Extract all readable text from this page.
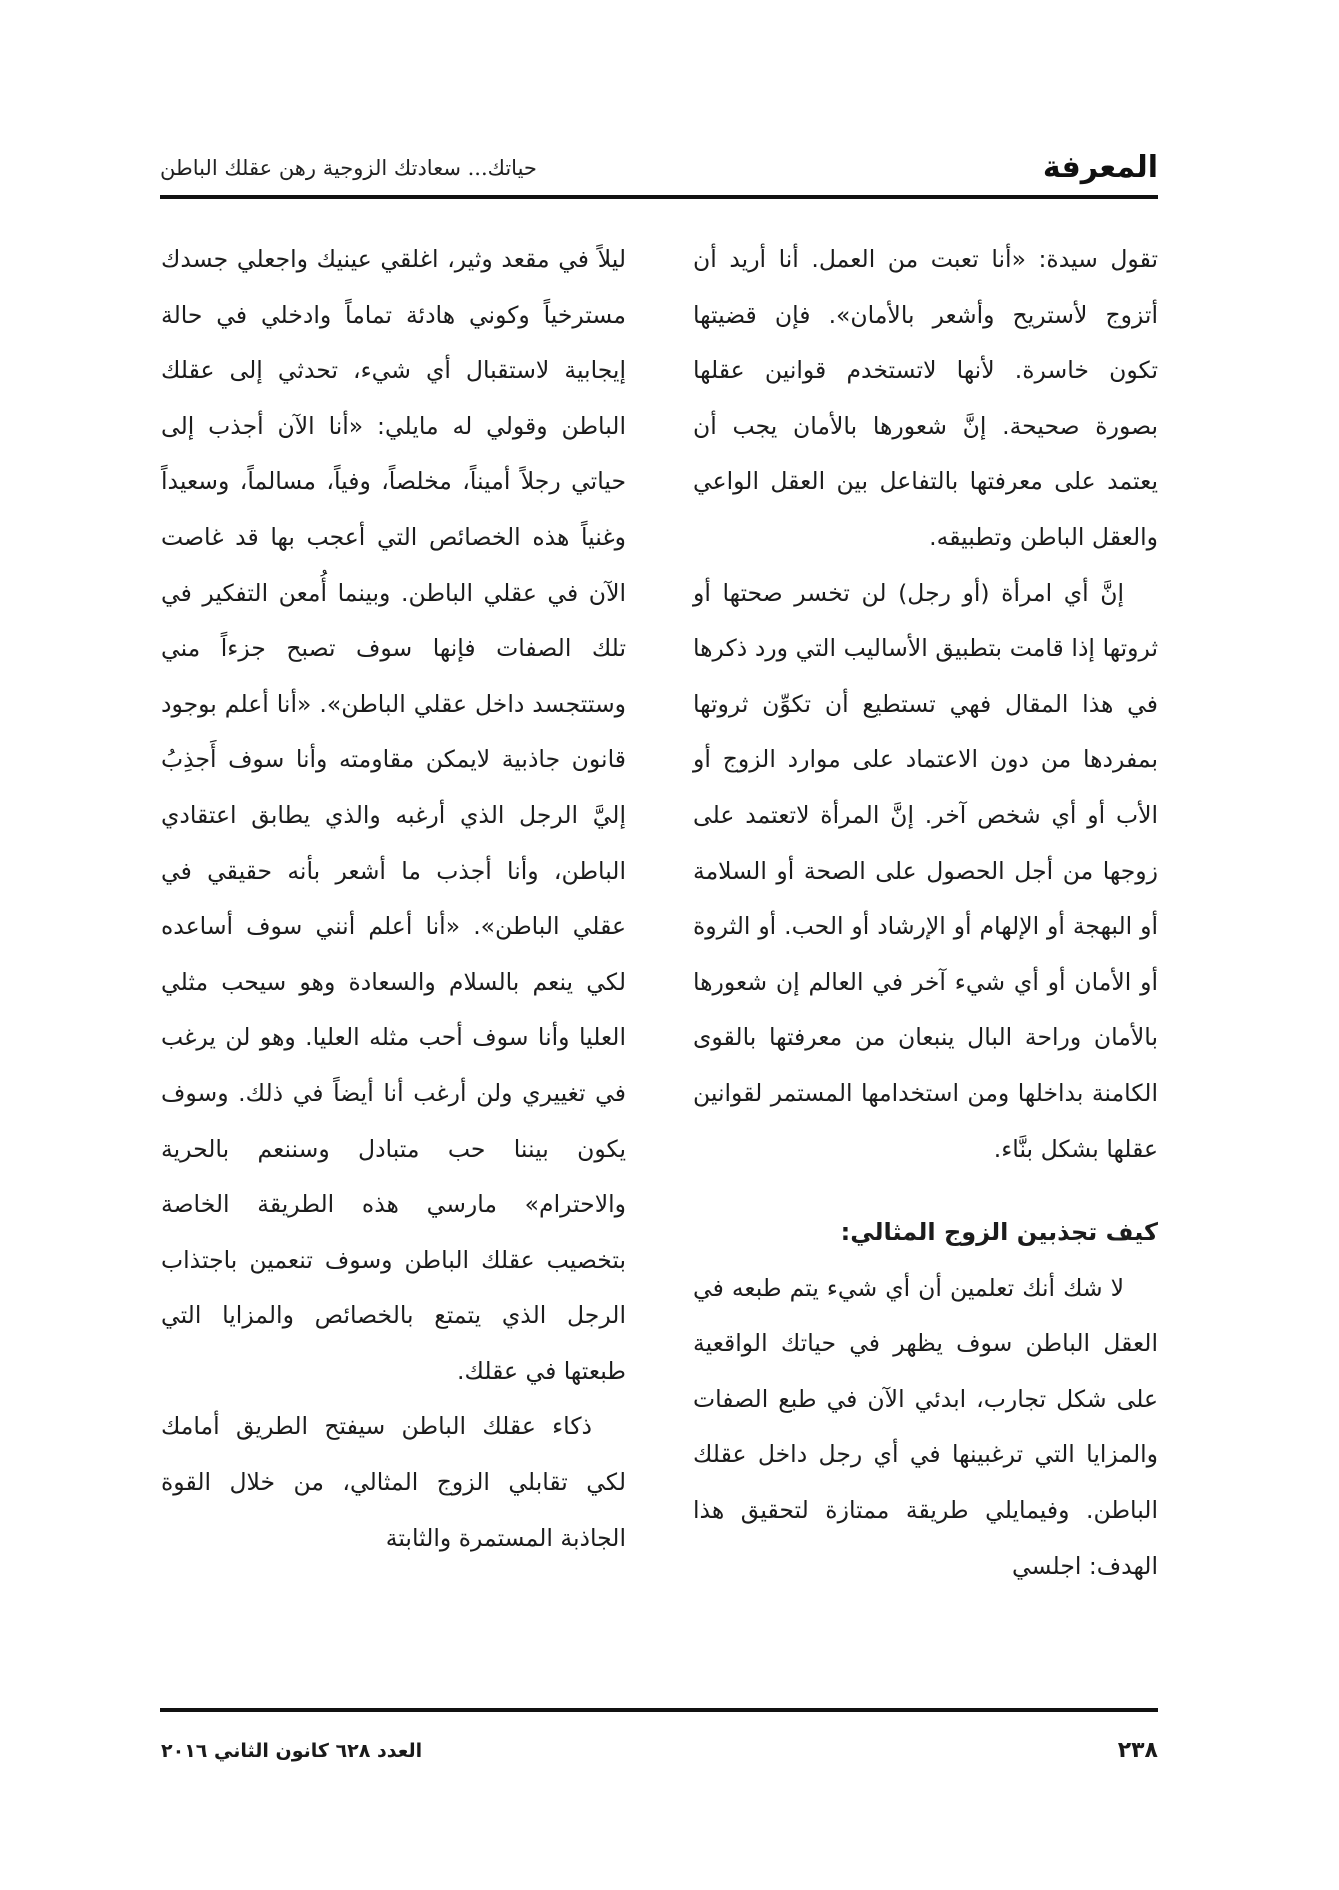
المعرفة
حياتك... سعادتك الزوجية رهن عقلك الباطن

تقول سيدة: «أنا تعبت من العمل. أنا أريد أن أتزوج لأستريح وأشعر بالأمان». فإن قضيتها تكون خاسرة. لأنها لاتستخدم قوانين عقلها بصورة صحيحة. إنَّ شعورها بالأمان يجب أن يعتمد على معرفتها بالتفاعل بين العقل الواعي والعقل الباطن وتطبيقه.

إنَّ أي امرأة (أو رجل) لن تخسر صحتها أو ثروتها إذا قامت بتطبيق الأساليب التي ورد ذكرها في هذا المقال فهي تستطيع أن تكوِّن ثروتها بمفردها من دون الاعتماد على موارد الزوج أو الأب أو أي شخص آخر. إنَّ المرأة لاتعتمد على زوجها من أجل الحصول على الصحة أو السلامة أو البهجة أو الإلهام أو الإرشاد أو الحب. أو الثروة أو الأمان أو أي شيء آخر في العالم إن شعورها بالأمان وراحة البال ينبعان من معرفتها بالقوى الكامنة بداخلها ومن استخدامها المستمر لقوانين عقلها بشكل بنَّاء.

كيف تجذبين الزوج المثالي:

لا شك أنك تعلمين أن أي شيء يتم طبعه في العقل الباطن سوف يظهر في حياتك الواقعية على شكل تجارب، ابدئي الآن في طبع الصفات والمزايا التي ترغبينها في أي رجل داخل عقلك الباطن. وفيمايلي طريقة ممتازة لتحقيق هذا الهدف: اجلسي

ليلاً في مقعد وثير، اغلقي عينيك واجعلي جسدك مسترخياً وكوني هادئة تماماً وادخلي في حالة إيجابية لاستقبال أي شيء، تحدثي إلى عقلك الباطن وقولي له مايلي: «أنا الآن أجذب إلى حياتي رجلاً أميناً، مخلصاً، وفياً، مسالماً، وسعيداً وغنياً هذه الخصائص التي أعجب بها قد غاصت الآن في عقلي الباطن. وبينما أُمعن التفكير في تلك الصفات فإنها سوف تصبح جزءاً مني وستتجسد داخل عقلي الباطن». «أنا أعلم بوجود قانون جاذبية لايمكن مقاومته وأنا سوف أَجذِبُ إليَّ الرجل الذي أرغبه والذي يطابق اعتقادي الباطن، وأنا أجذب ما أشعر بأنه حقيقي في عقلي الباطن». «أنا أعلم أنني سوف أساعده لكي ينعم بالسلام والسعادة وهو سيحب مثلي العليا وأنا سوف أحب مثله العليا. وهو لن يرغب في تغييري ولن أرغب أنا أيضاً في ذلك. وسوف يكون بيننا حب متبادل وسننعم بالحرية والاحترام» مارسي هذه الطريقة الخاصة بتخصيب عقلك الباطن وسوف تنعمين باجتذاب الرجل الذي يتمتع بالخصائص والمزايا التي طبعتها في عقلك.

ذكاء عقلك الباطن سيفتح الطريق أمامك لكي تقابلي الزوج المثالي، من خلال القوة الجاذبة المستمرة والثابتة

٢٣٨
العدد ٦٢٨ كانون الثاني ٢٠١٦
